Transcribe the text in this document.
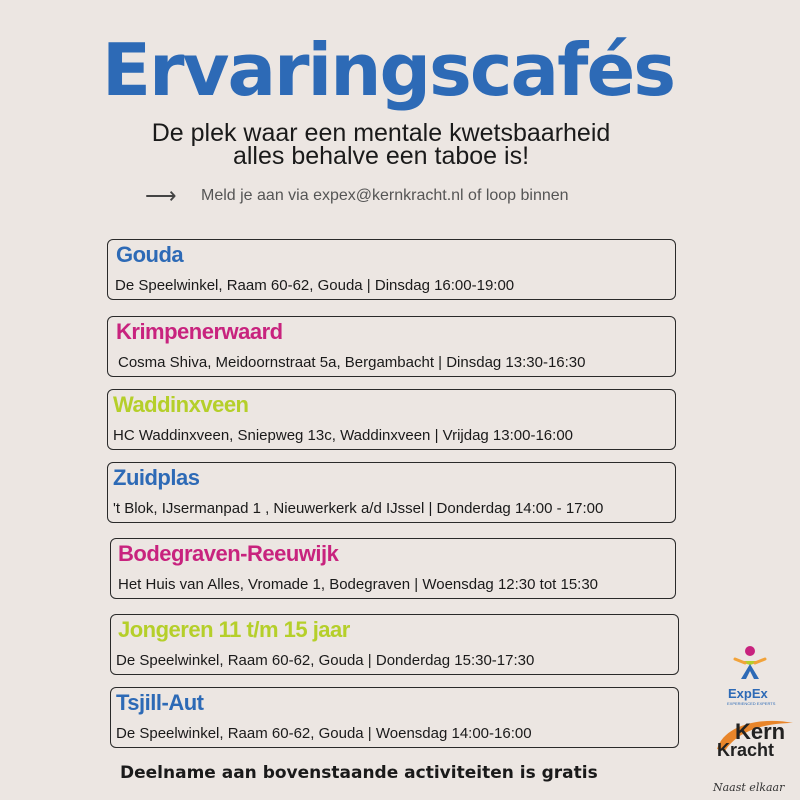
Ervaringscafés
De plek waar een mentale kwetsbaarheid
alles behalve een taboe is!
⟶	Meld je aan via expex@kernkracht.nl of loop binnen
Gouda
De Speelwinkel, Raam 60-62, Gouda | Dinsdag 16:00-19:00
Krimpenerwaard
Cosma Shiva, Meidoornstraat 5a, Bergambacht | Dinsdag 13:30-16:30
Waddinxveen
HC Waddinxveen, Sniepweg 13c, Waddinxveen | Vrijdag 13:00-16:00
Zuidplas
't Blok, IJsermanpad 1 , Nieuwerkerk a/d IJssel | Donderdag 14:00 - 17:00
Bodegraven-Reeuwijk
Het Huis van Alles, Vromade 1, Bodegraven | Woensdag 12:30 tot 15:30
Jongeren 11 t/m 15 jaar
De Speelwinkel, Raam 60-62, Gouda | Donderdag 15:30-17:30
Tsjill-Aut
De Speelwinkel, Raam 60-62, Gouda | Woensdag 14:00-16:00
Deelname aan bovenstaande activiteiten is gratis
ExpEx
EXPERIENCED EXPERTS
Kern
Kracht
Naast elkaar
